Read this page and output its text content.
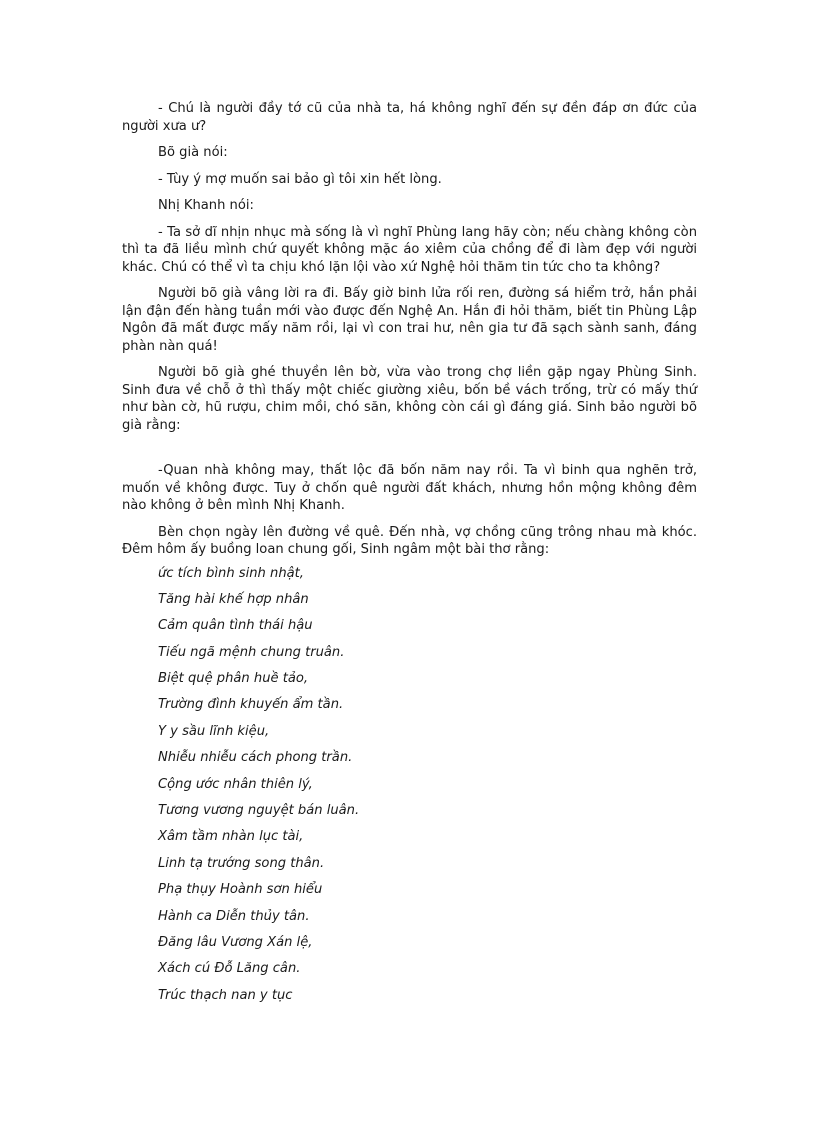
- Chú là người đầy tớ cũ của nhà ta, há không nghĩ đến sự đền đáp ơn đức của người xưa ư?

Bõ già nói:

- Tùy ý mợ muốn sai bảo gì tôi xin hết lòng.

Nhị Khanh nói:

- Ta sở dĩ nhịn nhục mà sống là vì nghĩ Phùng lang hãy còn; nếu chàng không còn thì ta đã liều mình chứ quyết không mặc áo xiêm của chồng để đi làm đẹp với người khác. Chú có thể vì ta chịu khó lặn lội vào xứ Nghệ hỏi thăm tin tức cho ta không?

Người bõ già vâng lời ra đi. Bấy giờ binh lửa rối ren, đường sá hiểm trở, hắn phải lận đận đến hàng tuần mới vào được đến Nghệ An. Hắn đi hỏi thăm, biết tin Phùng Lập Ngôn đã mất được mấy năm rồi, lại vì con trai hư, nên gia tư đã sạch sành sanh, đáng phàn nàn quá!

Người bõ già ghé thuyền lên bờ, vừa vào trong chợ liền gặp ngay Phùng Sinh. Sinh đưa về chỗ ở thì thấy một chiếc giường xiêu, bốn bề vách trống, trừ có mấy thứ như bàn cờ, hũ rượu, chim mồi, chó săn, không còn cái gì đáng giá. Sinh bảo người bõ già rằng:

-Quan nhà không may, thất lộc đã bốn năm nay rồi. Ta vì binh qua nghẽn trở, muốn về không được. Tuy ở chốn quê người đất khách, nhưng hồn mộng không đêm nào không ở bên mình Nhị Khanh.

Bèn chọn ngày lên đường về quê. Đến nhà, vợ chồng cũng trông nhau mà khóc. Đêm hôm ấy buồng loan chung gối, Sinh ngâm một bài thơ rằng:

ức tích bình sinh nhật,
Tăng hài khế hợp nhân
Cảm quân tình thái hậu
Tiếu ngã mệnh chung truân.
Biệt quệ phân huề tảo,
Trường đình khuyến ẩm tần.
Y y sầu lĩnh kiệu,
Nhiễu nhiễu cách phong trần.
Cộng ước nhân thiên lý,
Tương vương nguyệt bán luân.
Xâm tầm nhàn lục tài,
Linh tạ trướng song thân.
Phạ thụy Hoành sơn hiểu
Hành ca Diễn thủy tân.
Đăng lâu Vương Xán lệ,
Xách cú Đỗ Lăng cân.
Trúc thạch nan y tục
